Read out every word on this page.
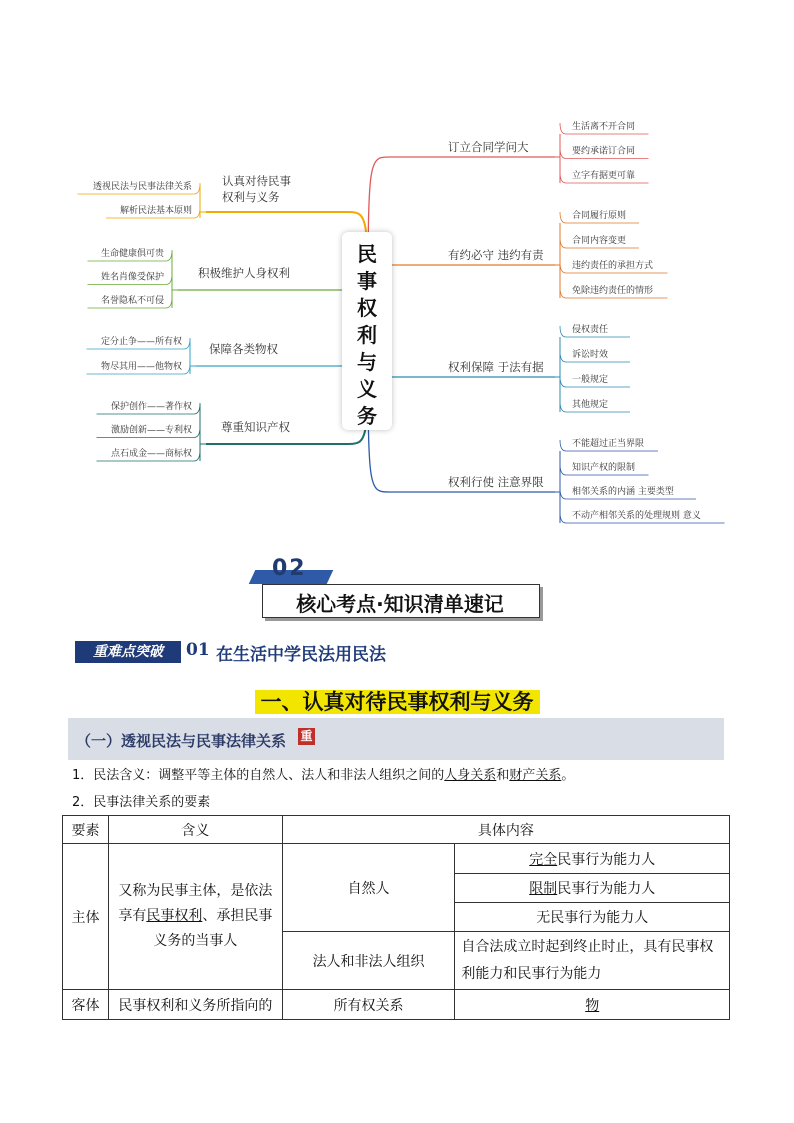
订立合同学问大
生活离不开合同
要约承诺订合同
立字有据更可靠
有约必守 违约有责
合同履行原则
合同内容变更
违约责任的承担方式
免除违约责任的情形
权利保障 于法有据
侵权责任
诉讼时效
一般规定
其他规定
权利行使 注意界限
不能超过正当界限
知识产权的限制
相邻关系的内涵 主要类型
不动产相邻关系的处理规则 意义
认真对待民事
权利与义务
透视民法与民事法律关系
解析民法基本原则
积极维护人身权利
生命健康俱可贵
姓名肖像受保护
名誉隐私不可侵
保障各类物权
定分止争——所有权
物尽其用——他物权
尊重知识产权
保护创作——著作权
激励创新——专利权
点石成金——商标权
民
事
权
利
与
义
务
02
核心考点·知识清单速记
重难点突破	01 在生活中学民法用民法
一、认真对待民事权利与义务
（一）透视民法与民事法律关系 重
1．民法含义：调整平等主体的自然人、法人和非法人组织之间的人身关系和财产关系。
2．民事法律关系的要素
要素	含义	具体内容	
主体	又称为民事主体，是依法享有民事权利、承担民事义务的当事人	自然人	完全民事行为能力人
			限制民事行为能力人
			无民事行为能力人
		法人和非法人组织	自合法成立时起到终止时止，具有民事权利能力和民事行为能力
客体	民事权利和义务所指向的	所有权关系	物
